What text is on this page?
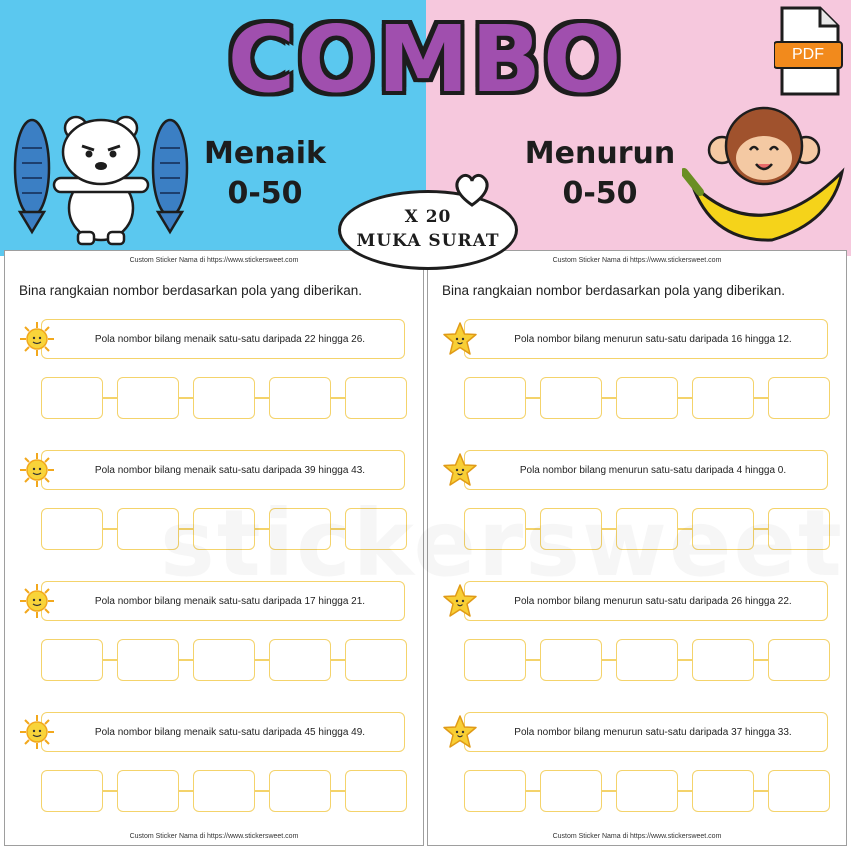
COMBO
Menaik
0-50
Menurun
0-50
PDF
Custom Sticker Nama di https://www.stickersweet.com
Bina rangkaian nombor berdasarkan pola yang diberikan.
Pola nombor bilang menaik satu-satu daripada 22 hingga 26.
Pola nombor bilang menaik satu-satu daripada 39 hingga 43.
Pola nombor bilang menaik satu-satu daripada 17 hingga 21.
Pola nombor bilang menaik satu-satu daripada 45 hingga 49.
Custom Sticker Nama di https://www.stickersweet.com
Custom Sticker Nama di https://www.stickersweet.com
Bina rangkaian nombor berdasarkan pola yang diberikan.
Pola nombor bilang menurun satu-satu daripada 16 hingga 12.
Pola nombor bilang menurun satu-satu daripada 4 hingga 0.
Pola nombor bilang menurun satu-satu daripada 26 hingga 22.
Pola nombor bilang menurun satu-satu daripada 37 hingga 33.
Custom Sticker Nama di https://www.stickersweet.com
X 20
MUKA SURAT
